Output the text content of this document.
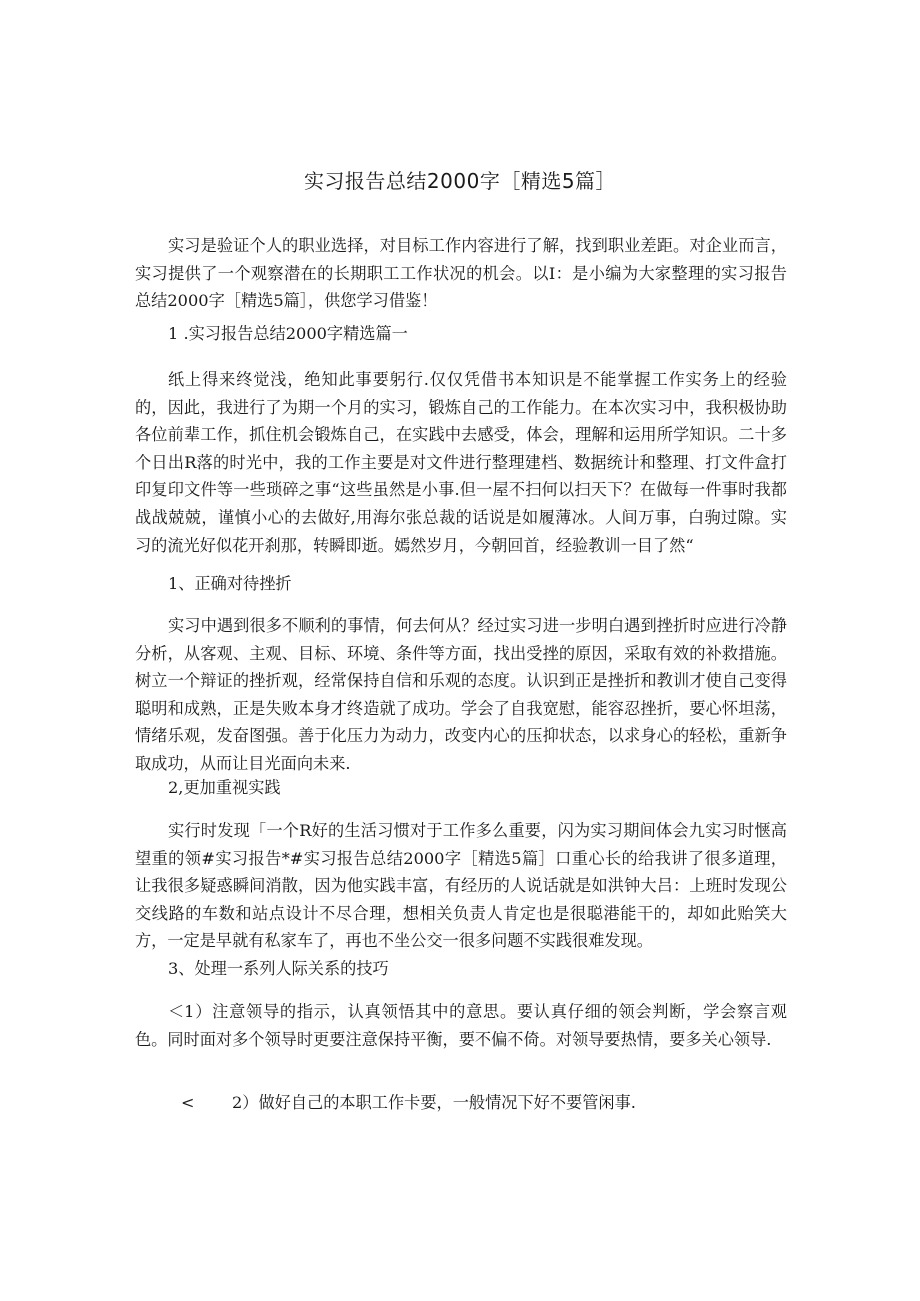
实习报告总结2000字［精选5篇］

实习是验证个人的职业选择，对目标工作内容进行了解，找到职业差距。对企业而言，实习提供了一个观察潜在的长期职工工作状况的机会。以I：是小编为大家整理的实习报告总结2000字［精选5篇］，供您学习借鉴！

1 .实习报告总结2000字精选篇一

纸上得来终觉浅，绝知此事要躬行.仅仅凭借书本知识是不能掌握工作实务上的经验的，因此，我进行了为期一个月的实习，锻炼自己的工作能力。在本次实习中，我积极协助各位前辈工作，抓住机会锻炼自己，在实践中去感受，体会，理解和运用所学知识。二十多个日出R落的时光中，我的工作主要是对文件进行整理建档、数据统计和整理、打文件盒打印复印文件等一些琐碎之事“这些虽然是小事.但一屋不扫何以扫天下？在做每一件事时我都战战兢兢，谨慎小心的去做好,用海尔张总裁的话说是如履薄冰。人间万事，白驹过隙。实习的流光好似花开刹那，转瞬即逝。嫣然岁月，今朝回首，经验教训一目了然“

1、正确对待挫折

实习中遇到很多不顺利的事情，何去何从？经过实习进一步明白遇到挫折时应进行冷静分析，从客观、主观、目标、环境、条件等方面，找出受挫的原因，采取有效的补救措施。树立一个辩证的挫折观，经常保持自信和乐观的态度。认识到正是挫折和教训才使自己变得聪明和成熟，正是失败本身才终造就了成功。学会了自我宽慰，能容忍挫折，要心怀坦荡，情绪乐观，发奋图强。善于化压力为动力，改变内心的压抑状态，以求身心的轻松，重新争取成功，从而让目光面向未来.

2,更加重视实践

实行时发现「一个R好的生活习惯对于工作多么重要，闪为实习期间体会九实习时惬高望重的领#实习报告*#实习报告总结2000字［精选5篇］口重心长的给我讲了很多道理，让我很多疑惑瞬间消散，因为他实践丰富，有经历的人说话就是如洪钟大吕：上班时发现公交线路的车数和站点设计不尽合理，想相关负责人肯定也是很聪港能干的，却如此贻笑大方，一定是早就有私家车了，再也不坐公交一很多问题不实践很难发现。

3、处理一系列人际关系的技巧

＜1）注意领导的指示，认真领悟其中的意思。要认真仔细的领会判断，学会察言观色。同时面对多个领导时更要注意保持平衡，要不偏不倚。对领导要热情，要多关心领导.

< 2）做好自己的本职工作卡要，一般情况下好不要管闲事.
